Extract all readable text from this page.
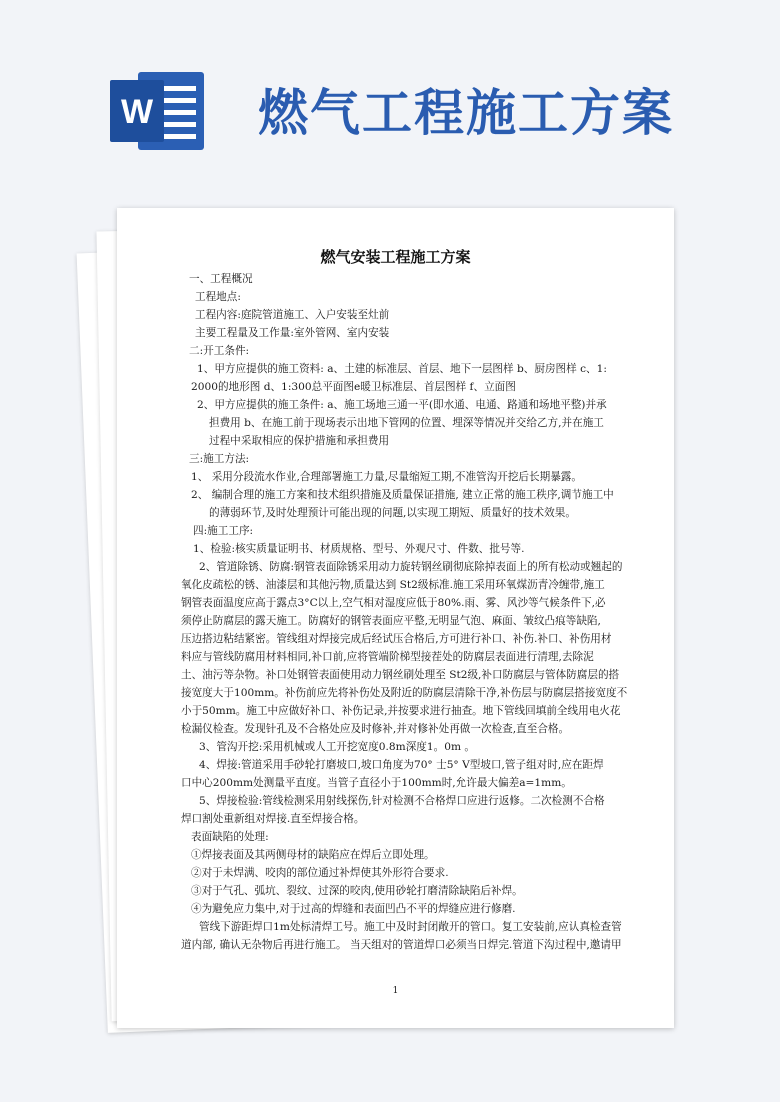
W 燃气工程施工方案
燃气安装工程施工方案
一、工程概况
工程地点:
工程内容:庭院管道施工、入户安装至灶前
主要工程量及工作量:室外管网、室内安装
二:开工条件:
1、甲方应提供的施工资料: a、土建的标准层、首层、地下一层图样 b、厨房图样 c、1:
2000的地形图 d、1:300总平面图e暖卫标准层、首层图样 f、立面图
2、甲方应提供的施工条件: a、施工场地三通一平(即水通、电通、路通和场地平整)并承
担费用 b、在施工前于现场表示出地下管网的位置、埋深等情况并交给乙方,并在施工
过程中采取相应的保护措施和承担费用
三:施工方法:
1、 采用分段流水作业,合理部署施工力量,尽量缩短工期,不准管沟开挖后长期暴露。
2、 编制合理的施工方案和技术组织措施及质量保证措施, 建立正常的施工秩序,调节施工中
的薄弱环节,及时处理预计可能出现的问题,以实现工期短、质量好的技术效果。
四:施工工序:
1、检验:核实质量证明书、材质规格、型号、外观尺寸、件数、批号等.
2、管道除锈、防腐:钢管表面除锈采用动力旋转钢丝刷彻底除掉表面上的所有松动或翘起的
氧化皮疏松的锈、油漆层和其他污物,质量达到 St2级标准.施工采用环氧煤沥青冷缠带,施工
钢管表面温度应高于露点3°C以上,空气相对湿度应低于80%.雨、雾、风沙等气候条件下,必
须停止防腐层的露天施工。防腐好的钢管表面应平整,无明显气泡、麻面、皱纹凸痕等缺陷,
压边搭边粘结紧密。管线组对焊接完成后经试压合格后,方可进行补口、补伤.补口、补伤用材
料应与管线防腐用材料相同,补口前,应将管端阶梯型接茬处的防腐层表面进行清理,去除泥
土、油污等杂物。补口处钢管表面使用动力钢丝刷处理至 St2级,补口防腐层与管体防腐层的搭
接宽度大于100mm。补伤前应先将补伤处及附近的防腐层清除干净,补伤层与防腐层搭接宽度不
小于50mm。施工中应做好补口、补伤记录,并按要求进行抽查。地下管线回填前全线用电火花
检漏仪检查。发现针孔及不合格处应及时修补,并对修补处再做一次检查,直至合格。
3、管沟开挖:采用机械或人工开挖宽度0.8m深度1。0m 。
4、焊接:管道采用手砂轮打磨坡口,坡口角度为70° 士5° V型坡口,管子组对时,应在距焊
口中心200mm处测量平直度。当管子直径小于100mm时,允许最大偏差a=1mm。
5、焊接检验:管线检测采用射线探伤,针对检测不合格焊口应进行返修。二次检测不合格
焊口割处重新组对焊接.直至焊接合格。
表面缺陷的处理:
①焊接表面及其两侧母材的缺陷应在焊后立即处理。
②对于未焊满、咬肉的部位通过补焊使其外形符合要求.
③对于气孔、弧坑、裂纹、过深的咬肉,使用砂轮打磨清除缺陷后补焊。
④为避免应力集中,对于过高的焊缝和表面凹凸不平的焊缝应进行修磨.
管线下游距焊口1m处标清焊工号。施工中及时封闭敞开的管口。复工安装前,应认真检查管
道内部, 确认无杂物后再进行施工。 当天组对的管道焊口必须当日焊完.管道下沟过程中,邀请甲
1
